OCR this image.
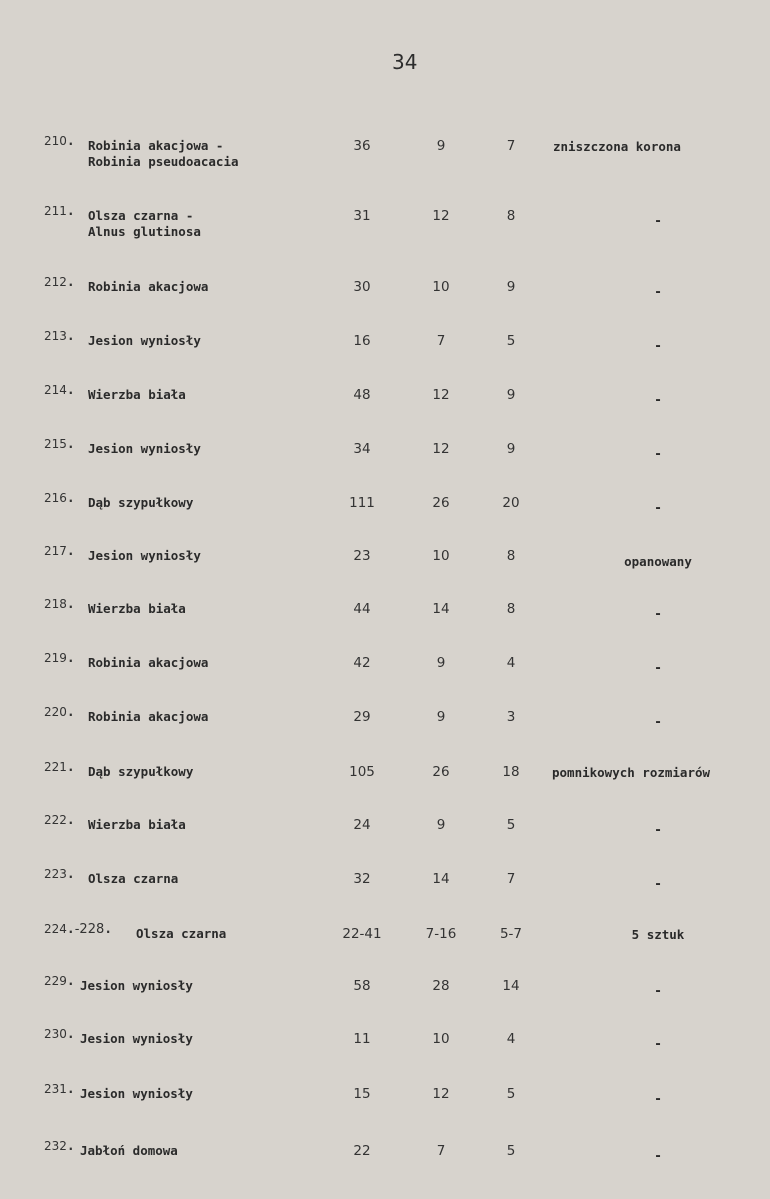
34
210. Robinia akacjowa -
Robinia pseudoacacia
36	9	7	zniszczona korona
211. Olsza czarna -
Alnus glutinosa
31	12	8	-
212. Robinia akacjowa	30	10	9	-
213. Jesion wyniosły	16	7	5	-
214. Wierzba biała	48	12	9	-
215. Jesion wyniosły	34	12	9	-
216. Dąb szypułkowy	111	26	20	-
217. Jesion wyniosły	23	10	8	opanowany
218. Wierzba biała	44	14	8	-
219. Robinia akacjowa	42	9	4	-
220. Robinia akacjowa	29	9	3	-
221. Dąb szypułkowy	105	26	18	pomnikowych rozmiarów
222. Wierzba biała	24	9	5	-
223. Olsza czarna	32	14	7	-
224.-228. Olsza czarna	22-41	7-16	5-7	5 sztuk
229. Jesion wyniosły	58	28	14	-
230. Jesion wyniosły	11	10	4	-
231. Jesion wyniosły	15	12	5	-
232. Jabłoń domowa	22	7	5	-
